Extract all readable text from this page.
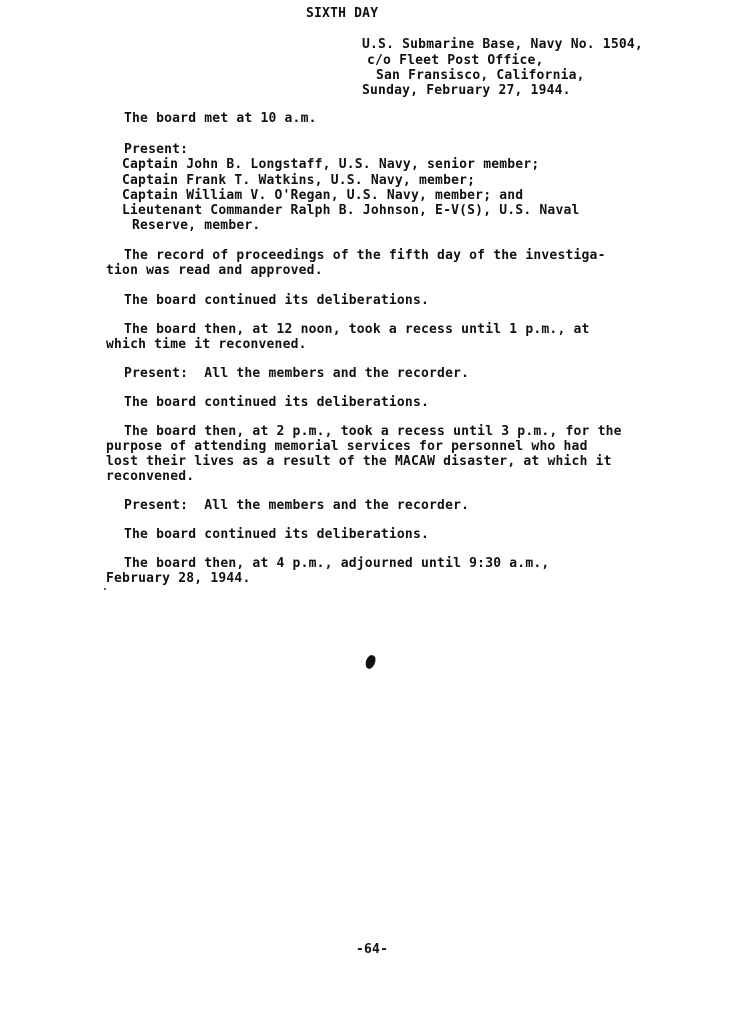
SIXTH DAY
U.S. Submarine Base, Navy No. 1504,
c/o Fleet Post Office,
San Fransisco, California,
Sunday, February 27, 1944.
The board met at 10 a.m.
Present:
Captain John B. Longstaff, U.S. Navy, senior member;
Captain Frank T. Watkins, U.S. Navy, member;
Captain William V. O'Regan, U.S. Navy, member; and
Lieutenant Commander Ralph B. Johnson, E-V(S), U.S. Naval
Reserve, member.
The record of proceedings of the fifth day of the investiga-
tion was read and approved.
The board continued its deliberations.
The board then, at 12 noon, took a recess until 1 p.m., at
which time it reconvened.
Present:  All the members and the recorder.
The board continued its deliberations.
The board then, at 2 p.m., took a recess until 3 p.m., for the
purpose of attending memorial services for personnel who had
lost their lives as a result of the MACAW disaster, at which it
reconvened.
Present:  All the members and the recorder.
The board continued its deliberations.
The board then, at 4 p.m., adjourned until 9:30 a.m.,
February 28, 1944.
-64-
